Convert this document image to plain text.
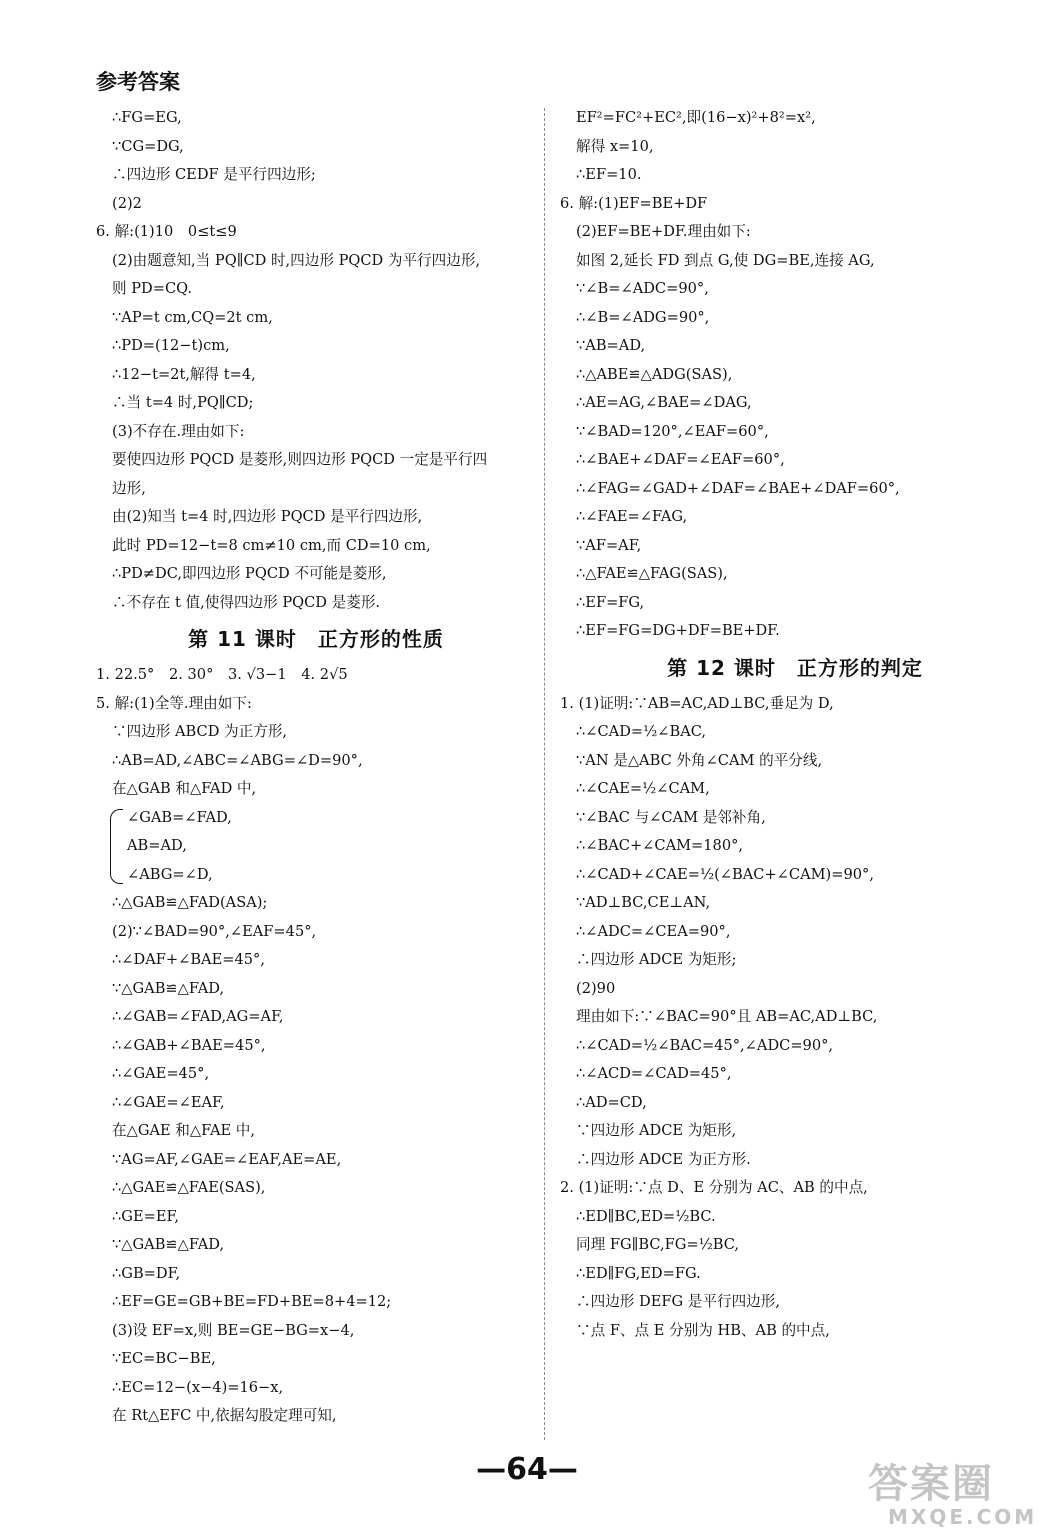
参考答案
∴FG=EG,
∵CG=DG,
∴四边形 CEDF 是平行四边形;
(2)2
6. 解:(1)10　0≤t≤9
(2)由题意知,当 PQ∥CD 时,四边形 PQCD 为平行四边形,
则 PD=CQ.
∵AP=t cm,CQ=2t cm,
∴PD=(12−t)cm,
∴12−t=2t,解得 t=4,
∴当 t=4 时,PQ∥CD;
(3)不存在.理由如下:
要使四边形 PQCD 是菱形,则四边形 PQCD 一定是平行四
边形,
由(2)知当 t=4 时,四边形 PQCD 是平行四边形,
此时 PD=12−t=8 cm≠10 cm,而 CD=10 cm,
∴PD≠DC,即四边形 PQCD 不可能是菱形,
∴不存在 t 值,使得四边形 PQCD 是菱形.
第 11 课时　正方形的性质
1. 22.5°　2. 30°　3. √3−1　4. 2√5
5. 解:(1)全等.理由如下:
∵四边形 ABCD 为正方形,
∴AB=AD,∠ABC=∠ABG=∠D=90°,
在△GAB 和△FAD 中,
∠GAB=∠FAD,
AB=AD,
∠ABG=∠D,
∴△GAB≌△FAD(ASA);
(2)∵∠BAD=90°,∠EAF=45°,
∴∠DAF+∠BAE=45°,
∵△GAB≌△FAD,
∴∠GAB=∠FAD,AG=AF,
∴∠GAB+∠BAE=45°,
∴∠GAE=45°,
∴∠GAE=∠EAF,
在△GAE 和△FAE 中,
∵AG=AF,∠GAE=∠EAF,AE=AE,
∴△GAE≌△FAE(SAS),
∴GE=EF,
∵△GAB≌△FAD,
∴GB=DF,
∴EF=GE=GB+BE=FD+BE=8+4=12;
(3)设 EF=x,则 BE=GE−BG=x−4,
∵EC=BC−BE,
∴EC=12−(x−4)=16−x,
在 Rt△EFC 中,依据勾股定理可知,
EF²=FC²+EC²,即(16−x)²+8²=x²,
解得 x=10,
∴EF=10.
6. 解:(1)EF=BE+DF
(2)EF=BE+DF.理由如下:
如图 2,延长 FD 到点 G,使 DG=BE,连接 AG,
∵∠B=∠ADC=90°,
∴∠B=∠ADG=90°,
∵AB=AD,
∴△ABE≌△ADG(SAS),
∴AE=AG,∠BAE=∠DAG,
∵∠BAD=120°,∠EAF=60°,
∴∠BAE+∠DAF=∠EAF=60°,
∴∠FAG=∠GAD+∠DAF=∠BAE+∠DAF=60°,
∴∠FAE=∠FAG,
∵AF=AF,
∴△FAE≌△FAG(SAS),
∴EF=FG,
∴EF=FG=DG+DF=BE+DF.
第 12 课时　正方形的判定
1. (1)证明:∵AB=AC,AD⊥BC,垂足为 D,
∴∠CAD=½∠BAC,
∵AN 是△ABC 外角∠CAM 的平分线,
∴∠CAE=½∠CAM,
∵∠BAC 与∠CAM 是邻补角,
∴∠BAC+∠CAM=180°,
∴∠CAD+∠CAE=½(∠BAC+∠CAM)=90°,
∵AD⊥BC,CE⊥AN,
∴∠ADC=∠CEA=90°,
∴四边形 ADCE 为矩形;
(2)90
理由如下:∵∠BAC=90°且 AB=AC,AD⊥BC,
∴∠CAD=½∠BAC=45°,∠ADC=90°,
∴∠ACD=∠CAD=45°,
∴AD=CD,
∵四边形 ADCE 为矩形,
∴四边形 ADCE 为正方形.
2. (1)证明:∵点 D、E 分别为 AC、AB 的中点,
∴ED∥BC,ED=½BC.
同理 FG∥BC,FG=½BC,
∴ED∥FG,ED=FG.
∴四边形 DEFG 是平行四边形,
∵点 F、点 E 分别为 HB、AB 的中点,
—64—	答案圈
MXQE.COM
